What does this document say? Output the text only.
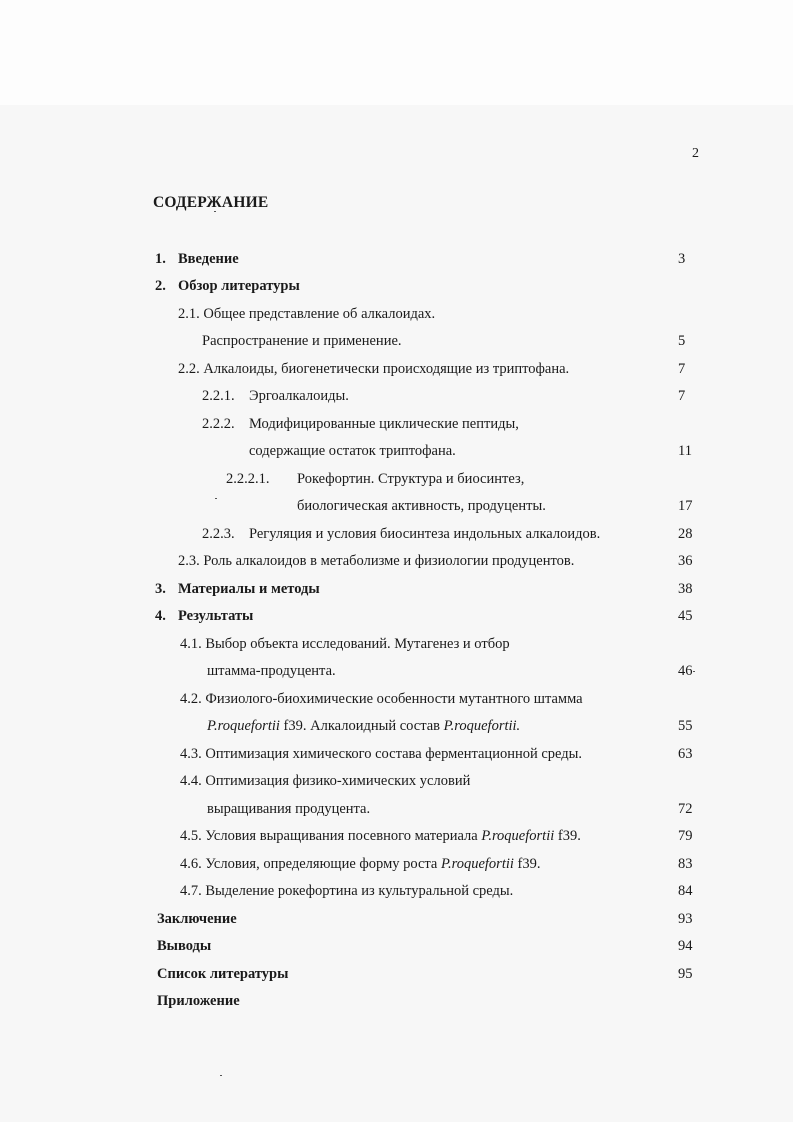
2
СОДЕРЖАНИЕ
1. Введение	3
2. Обзор литературы
2.1. Общее представление об алкалоидах.
Распространение и применение.	5
2.2. Алкалоиды, биогенетически происходящие из триптофана.	7
2.2.1. Эргоалкалоиды.	7
2.2.2. Модифицированные циклические пептиды,
содержащие остаток триптофана.	11
2.2.2.1. Рокефортин. Структура и биосинтез,
биологическая активность, продуценты.	17
2.2.3. Регуляция и условия биосинтеза индольных алкалоидов.	28
2.3. Роль алкалоидов в метаболизме и физиологии продуцентов.	36
3. Материалы и методы	38
4. Результаты	45
4.1. Выбор объекта исследований. Мутагенез и отбор
штамма-продуцента.	46
4.2. Физиолого-биохимические особенности мутантного штамма
P.roquefortii f39. Алкалоидный состав P.roquefortii.	55
4.3. Оптимизация химического состава ферментационной среды.	63
4.4. Оптимизация физико-химических условий
выращивания продуцента.	72
4.5. Условия выращивания посевного материала P.roquefortii f39.	79
4.6. Условия, определяющие форму роста P.roquefortii f39.	83
4.7. Выделение рокефортина из культуральной среды.	84
Заключение	93
Выводы	94
Список литературы	95
Приложение
